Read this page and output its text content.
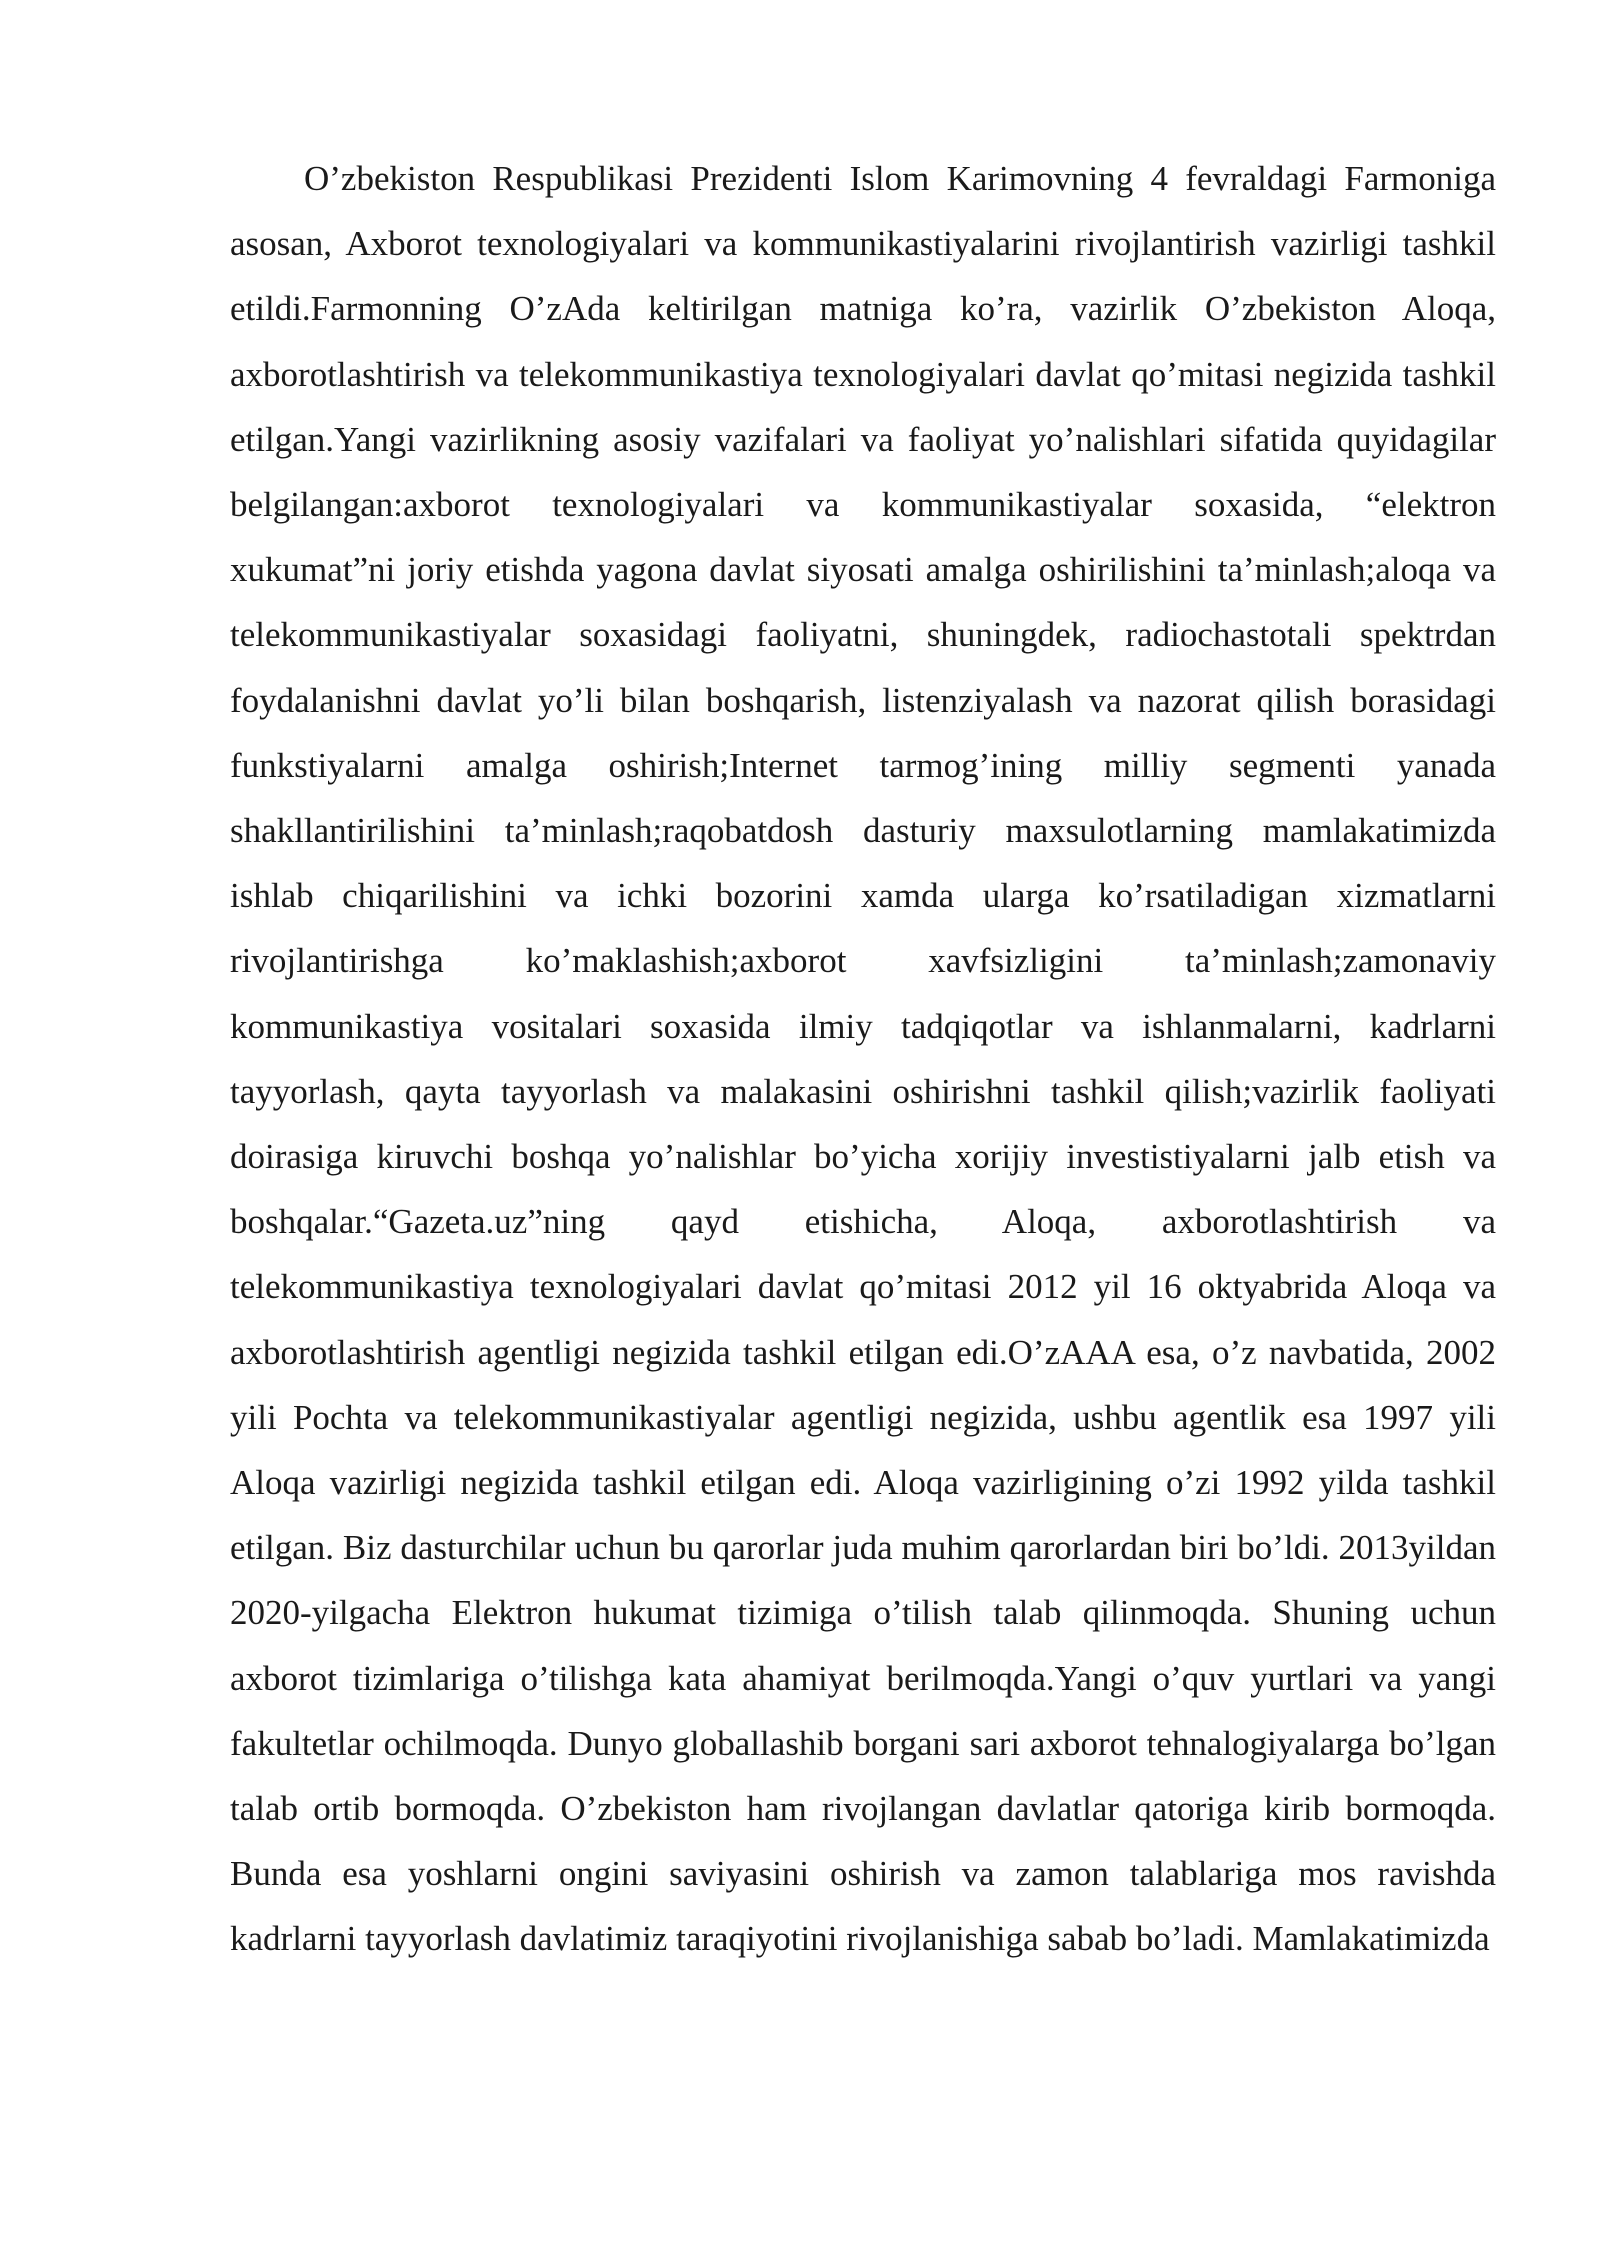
O’zbekiston Respublikasi Prezidenti Islom Karimovning 4 fevraldagi Farmoniga asosan, Axborot texnologiyalari va kommunikastiyalarini rivojlantirish vazirligi tashkil etildi.Farmonning O’zAda keltirilgan matniga ko’ra, vazirlik O’zbekiston Aloqa, axborotlashtirish va telekommunikastiya texnologiyalari davlat qo’mitasi negizida tashkil etilgan.Yangi vazirlikning asosiy vazifalari va faoliyat yo’nalishlari sifatida quyidagilar belgilangan:axborot texnologiyalari va kommunikastiyalar soxasida, “elektron xukumat”ni joriy etishda yagona davlat siyosati amalga oshirilishini ta’minlash;aloqa va telekommunikastiyalar soxasidagi faoliyatni, shuningdek, radiochastotali spektrdan foydalanishni davlat yo’li bilan boshqarish, listenziyalash va nazorat qilish borasidagi funkstiyalarni amalga oshirish;Internet tarmog’ining milliy segmenti yanada shakllantirilishini ta’minlash;raqobatdosh dasturiy maxsulotlarning mamlakatimizda ishlab chiqarilishini va ichki bozorini xamda ularga ko’rsatiladigan xizmatlarni rivojlantirishga ko’maklashish;axborot xavfsizligini ta’minlash;zamonaviy kommunikastiya vositalari soxasida ilmiy tadqiqotlar va ishlanmalarni, kadrlarni tayyorlash, qayta tayyorlash va malakasini oshirishni tashkil qilish;vazirlik faoliyati doirasiga kiruvchi boshqa yo’nalishlar bo’yicha xorijiy investistiyalarni jalb etish va boshqalar.“Gazeta.uz”ning qayd etishicha, Aloqa, axborotlashtirish va telekommunikastiya texnologiyalari davlat qo’mitasi 2012 yil 16 oktyabrida Aloqa va axborotlashtirish agentligi negizida tashkil etilgan edi.O’zAAA esa, o’z navbatida, 2002 yili Pochta va telekommunikastiyalar agentligi negizida, ushbu agentlik esa 1997 yili Aloqa vazirligi negizida tashkil etilgan edi. Aloqa vazirligining o’zi 1992 yilda tashkil etilgan. Biz dasturchilar uchun bu qarorlar juda muhim qarorlardan biri bo’ldi. 2013yildan 2020-yilgacha Elektron hukumat tizimiga o’tilish talab qilinmoqda. Shuning uchun axborot tizimlariga o’tilishga kata ahamiyat berilmoqda.Yangi o’quv yurtlari va yangi fakultetlar ochilmoqda. Dunyo globallashib borgani sari axborot tehnalogiyalarga bo’lgan talab ortib bormoqda. O’zbekiston ham rivojlangan davlatlar qatoriga kirib bormoqda. Bunda esa yoshlarni ongini saviyasini oshirish va zamon talablariga mos ravishda kadrlarni tayyorlash davlatimiz taraqiyotini rivojlanishiga sabab bo’ladi. Mamlakatimizda
